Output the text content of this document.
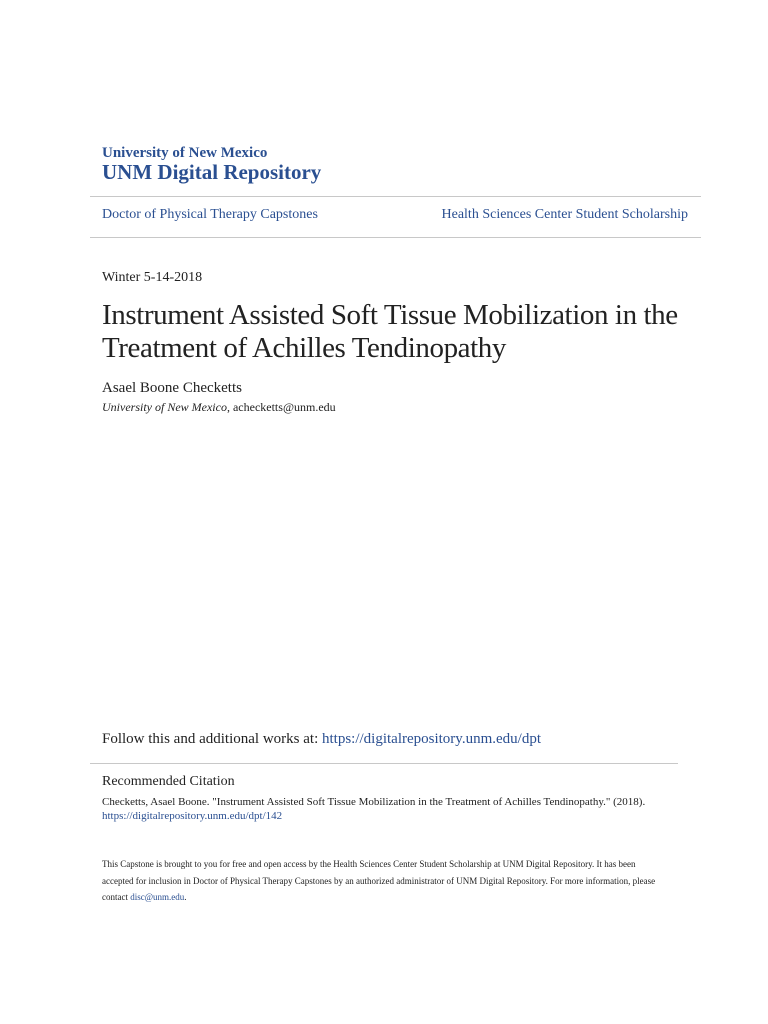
University of New Mexico
UNM Digital Repository
Doctor of Physical Therapy Capstones	Health Sciences Center Student Scholarship
Winter 5-14-2018
Instrument Assisted Soft Tissue Mobilization in the Treatment of Achilles Tendinopathy
Asael Boone Checketts
University of New Mexico, achecketts@unm.edu
Follow this and additional works at: https://digitalrepository.unm.edu/dpt
Recommended Citation
Checketts, Asael Boone. "Instrument Assisted Soft Tissue Mobilization in the Treatment of Achilles Tendinopathy." (2018).
https://digitalrepository.unm.edu/dpt/142
This Capstone is brought to you for free and open access by the Health Sciences Center Student Scholarship at UNM Digital Repository. It has been accepted for inclusion in Doctor of Physical Therapy Capstones by an authorized administrator of UNM Digital Repository. For more information, please contact disc@unm.edu.
